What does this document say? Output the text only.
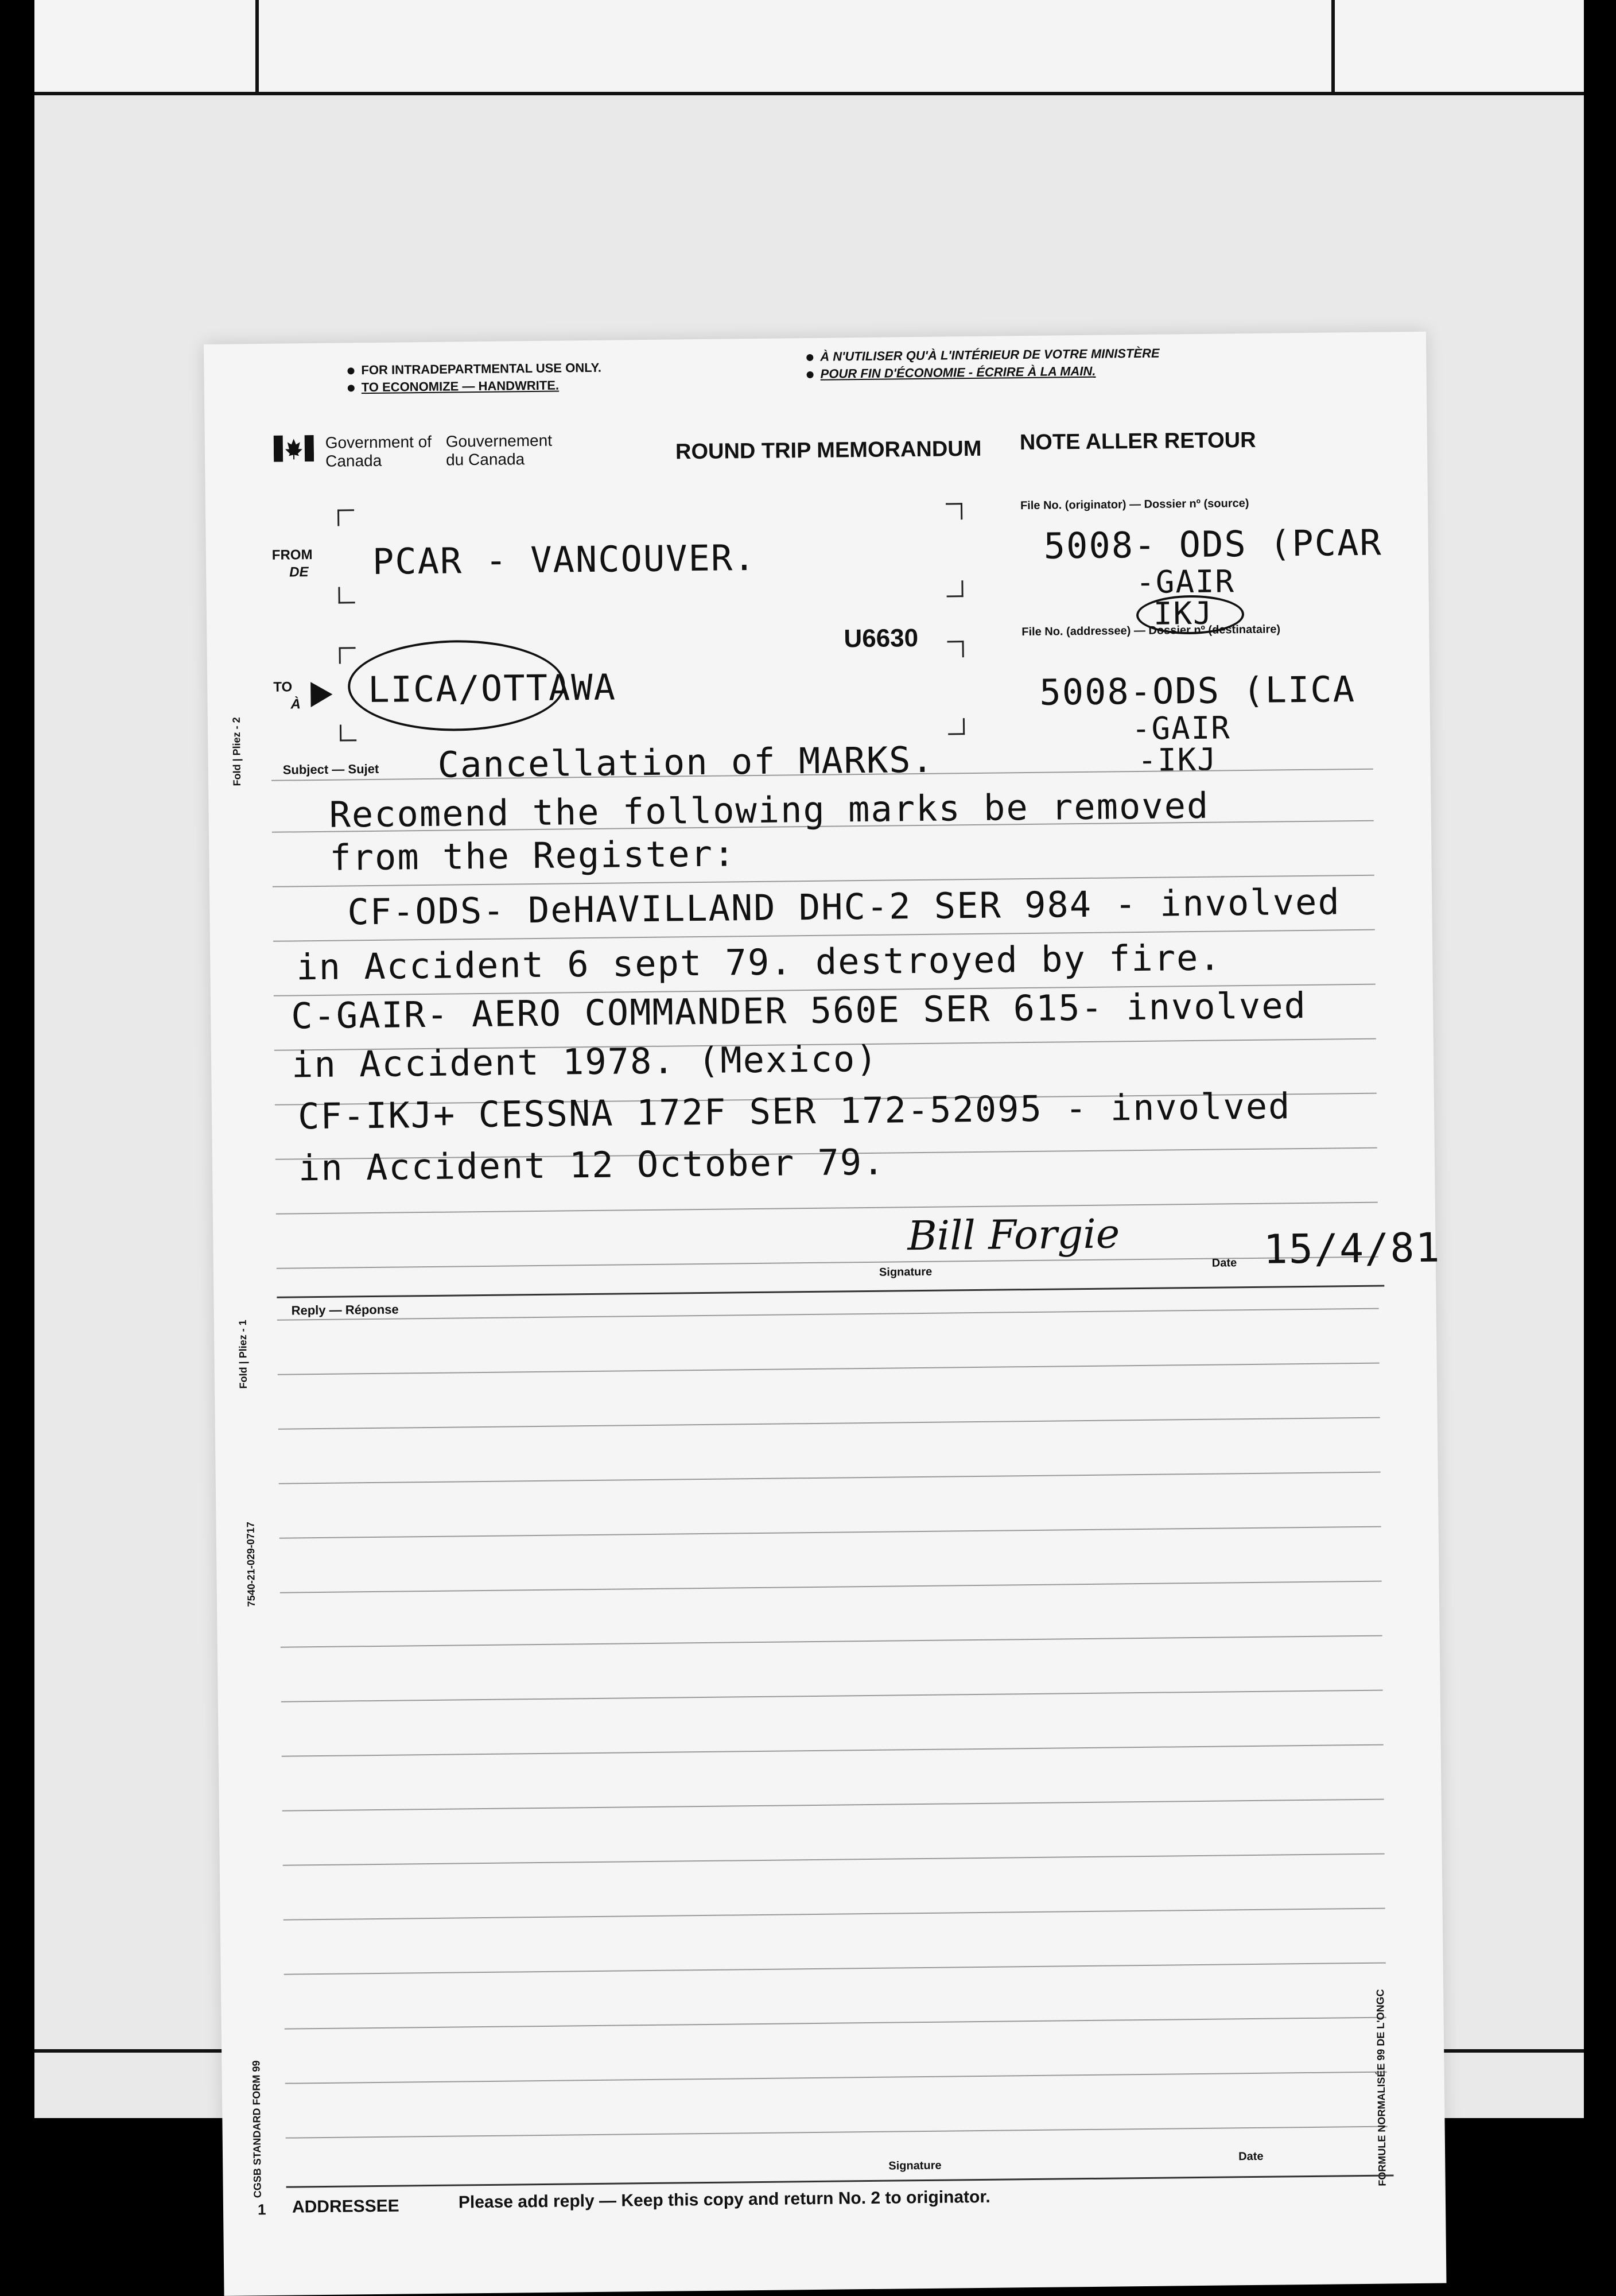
FOR INTRADEPARTMENTAL USE ONLY.
TO ECONOMIZE — HANDWRITE.
À N'UTILISER QU'À L'INTÉRIEUR DE VOTRE MINISTÈRE
POUR FIN D'ÉCONOMIE - ÉCRIRE À LA MAIN.
Government of Canada
Gouvernement du Canada	ROUND TRIP MEMORANDUM NOTE ALLER RETOUR
FROM
DE PCAR - VANCOUVER.
File No. (originator) — Dossier nº (source)
5008- ODS (PCAR
-GAIR
IKJ
U6630	File No. (addressee) — Dossier nº (destinataire)
TO
À LICA/OTTAWA	5008-ODS (LICA
-GAIR
-IKJ
Fold | Pliez - 2	Subject — Sujet Cancellation of MARKS.
Recomend the following marks be removed
from the Register:
CF-ODS- DeHAVILLAND DHC-2 SER 984 - involved
in Accident 6 sept 79. destroyed by fire.
C-GAIR- AERO COMMANDER 560E SER 615- involved
in Accident 1978. (Mexico)
CF-IKJ+ CESSNA 172F SER 172-52095 - involved
in Accident 12 October 79.
Bill Forgie
Signature
Date 15/4/81
Fold | Pliez - 1
Reply — Réponse
7540-21-029-0717
CGSB STANDARD FORM 99	FORMULE NORMALISÉE 99 DE L'ONGC
Signature
Date
1 ADDRESSEE	Please add reply — Keep this copy and return No. 2 to originator.
